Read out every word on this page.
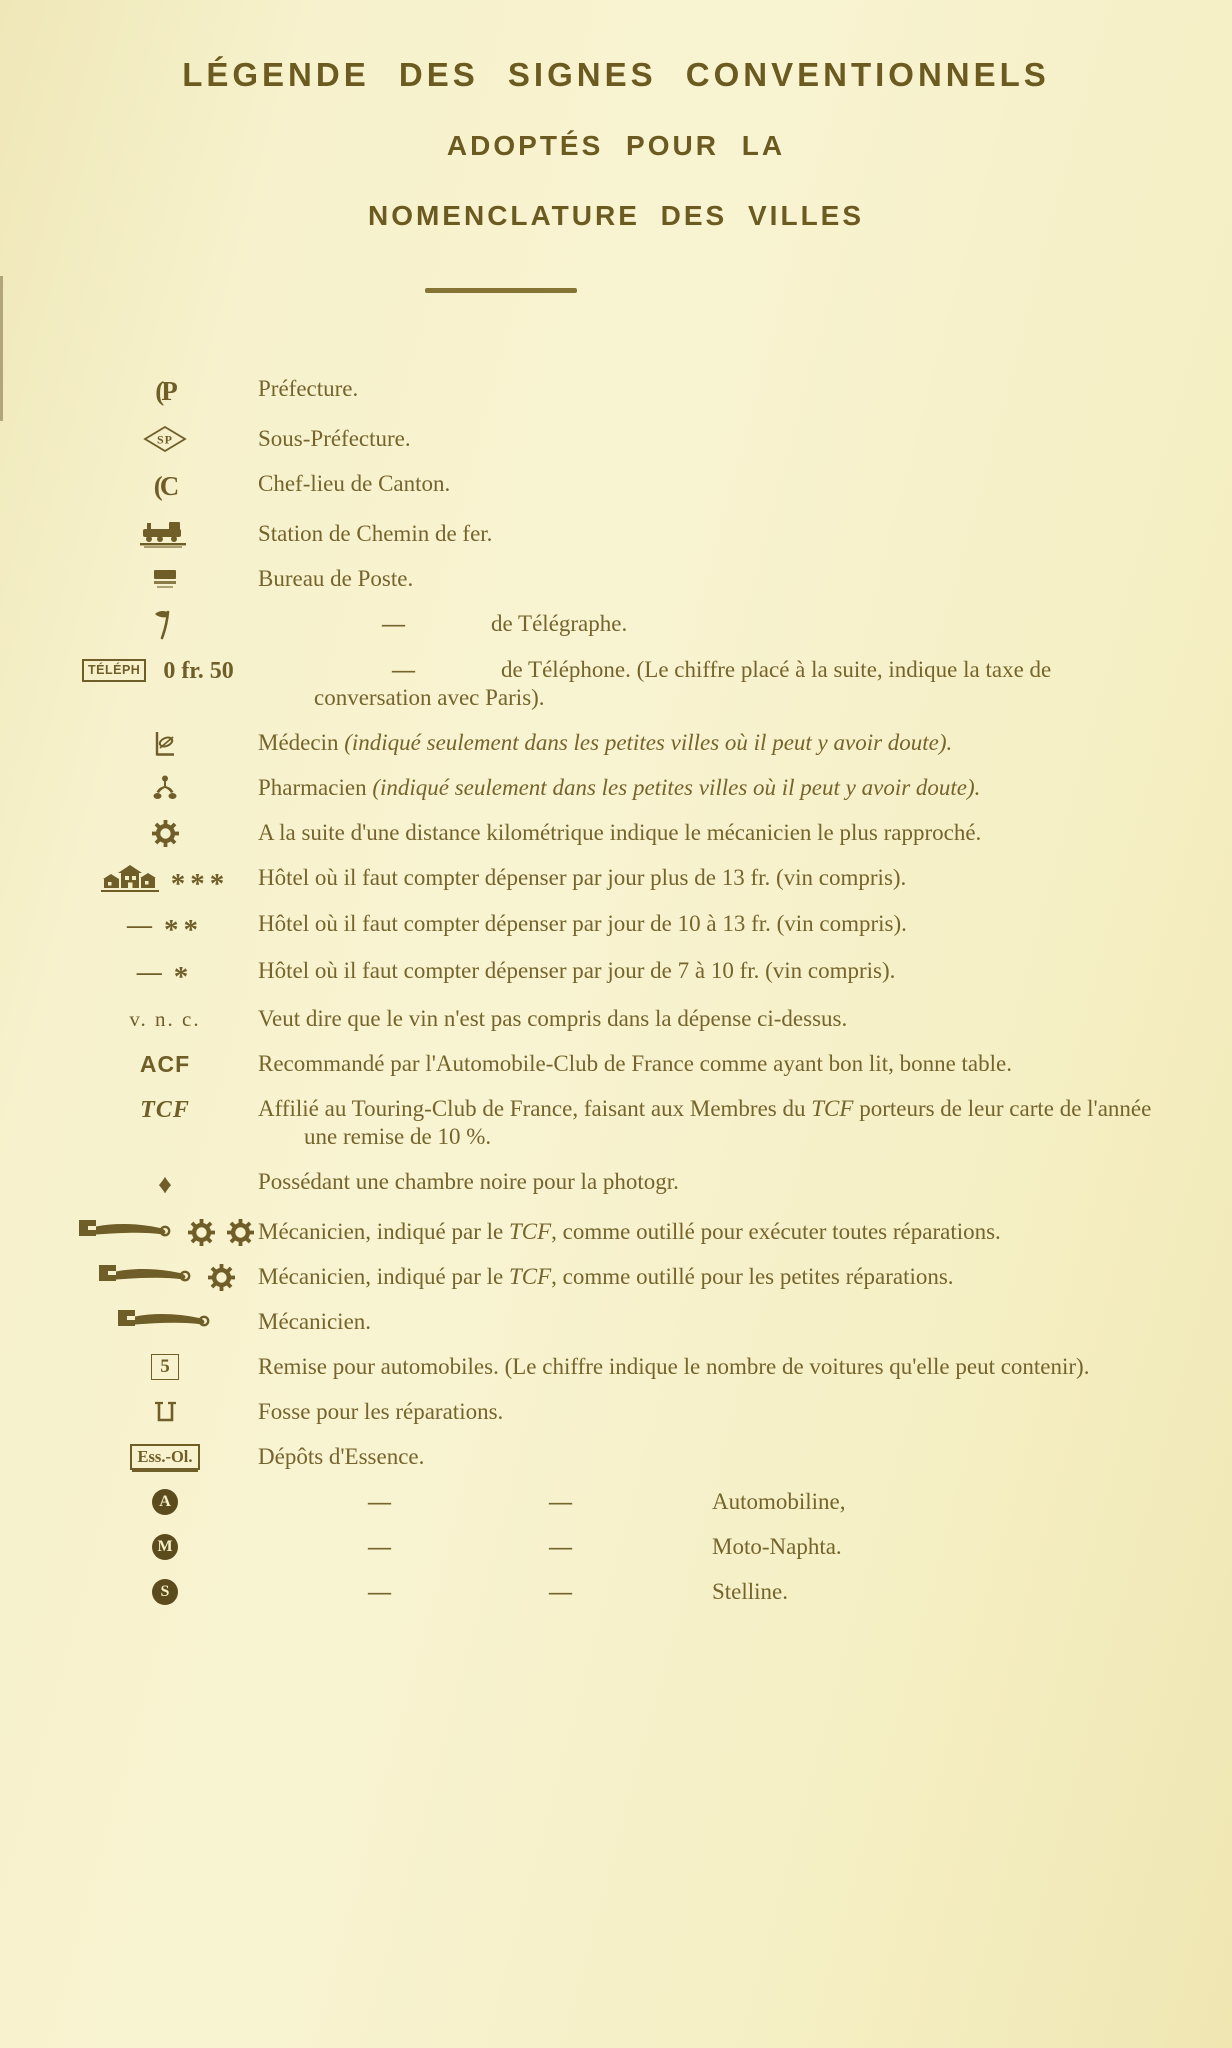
LÉGENDE DES SIGNES CONVENTIONNELS
ADOPTÉS POUR LA
NOMENCLATURE DES VILLES
(P	Préfecture.

SP	Sous-Préfecture.

(C	Chef-lieu de Canton.

Station de Chemin de fer.

Bureau de Poste.

—	de Télégraphe.

TÉLÉPH 0 fr. 50	—	de Téléphone. (Le chiffre placé à la suite, indique la taxe de conversation avec Paris).

Médecin (indiqué seulement dans les petites villes où il peut y avoir doute).

Pharmacien (indiqué seulement dans les petites villes où il peut y avoir doute).

A la suite d'une distance kilométrique indique le mécanicien le plus rapproché.

*** Hôtel où il faut compter dépenser par jour plus de 13 fr. (vin compris).

— ** Hôtel où il faut compter dépenser par jour de 10 à 13 fr. (vin compris).

— *	Hôtel où il faut compter dépenser par jour de 7 à 10 fr. (vin compris).

v. n. c. Veut dire que le vin n'est pas compris dans la dépense ci-dessus.

ACF	Recommandé par l'Automobile-Club de France comme ayant bon lit, bonne table.

TCF	Affilié au Touring-Club de France, faisant aux Membres du TCF porteurs de leur carte de l'année une remise de 10 %.

♦	Possédant une chambre noire pour la photogr.

Mécanicien, indiqué par le TCF, comme outillé pour exécuter toutes réparations.

Mécanicien, indiqué par le TCF, comme outillé pour les petites réparations.

Mécanicien.

5	Remise pour automobiles. (Le chiffre indique le nombre de voitures qu'elle peut contenir).

Fosse pour les réparations.

Ess.-Ol.	Dépôts d'Essence.

A	—	—	Automobiline,

M	—	—	Moto-Naphta.

S	—	—	Stelline.
